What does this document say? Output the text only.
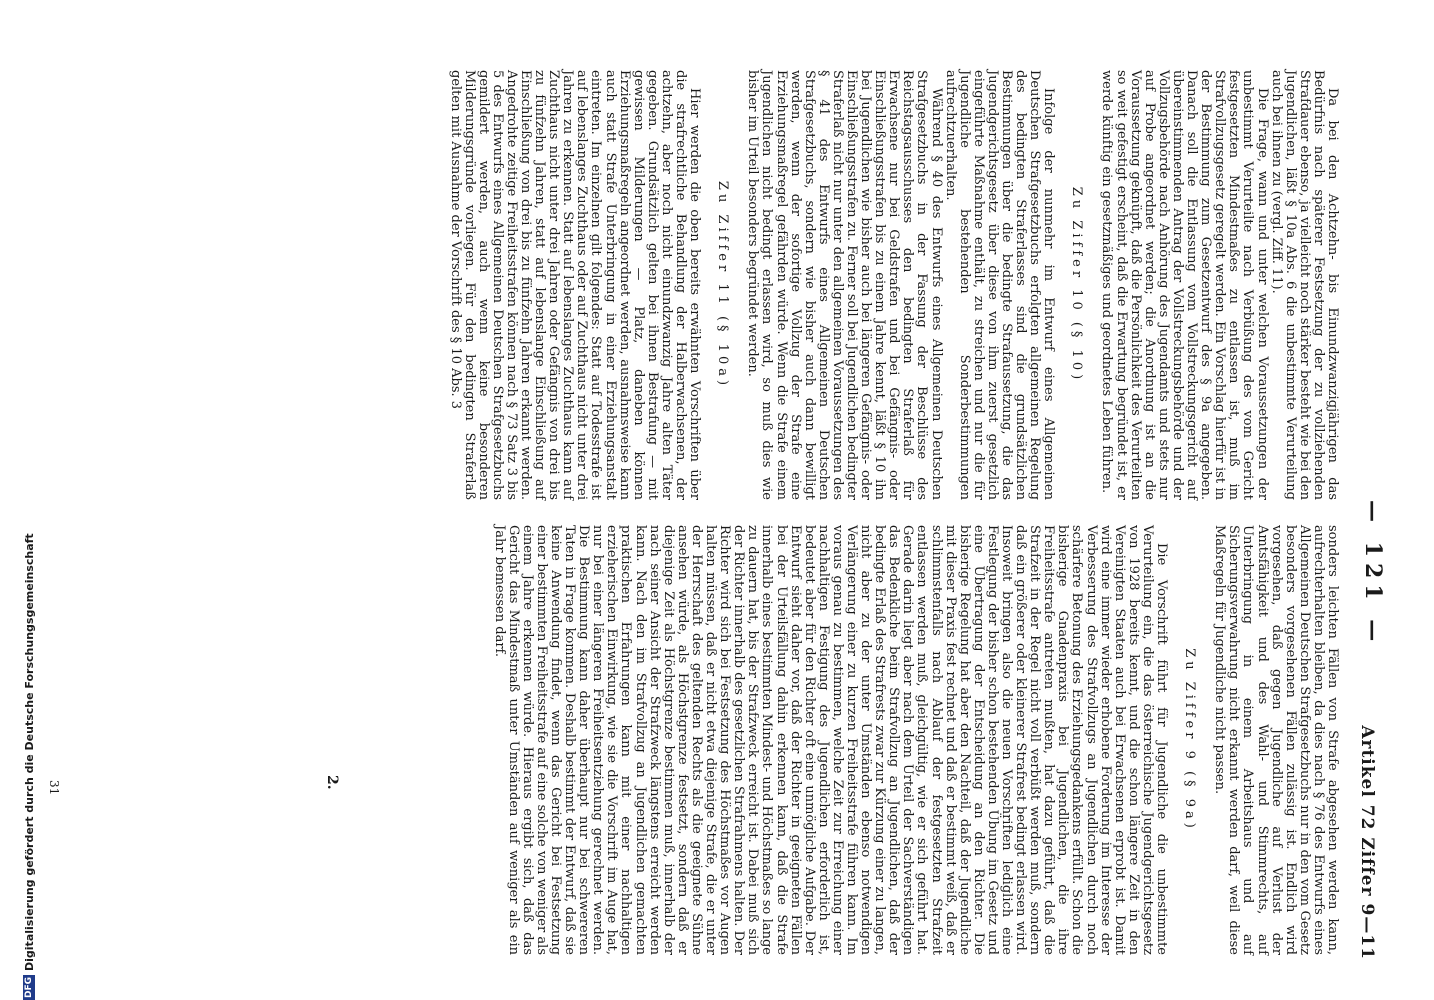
— 121 —
Artikel 72 Ziffer 9—11

Da bei den Achtzehn- bis Einundzwanzigjährigen das Bedürfnis nach späterer Festsetzung der zu vollziehenden Strafdauer ebenso, ja vielleicht noch stärker besteht wie bei den Jugendlichen, läßt § 10a Abs. 6 die unbestimmte Verurteilung auch bei ihnen zu (vergl. Ziff. 11).

Die Frage, wann und unter welchen Voraussetzungen der unbestimmt Verurteilte nach Verbüßung des vom Gericht festgesetzten Mindestmaßes zu entlassen ist, muß im Strafvollzugsgesetz geregelt werden. Ein Vorschlag hierfür ist in der Bestimmung zum Gesetzentwurf des § 9a angegeben. Danach soll die Entlassung vom Vollstreckungsgericht auf übereinstimmenden Antrag der Vollstreckungsbehörde und der Vollzugsbehörde nach Anhörung des Jugendamts und stets nur auf Probe angeordnet werden; die Anordnung ist an die Voraussetzung geknüpft, daß die Persönlichkeit des Verurteilten so weit gefestigt erscheint, daß die Erwartung begründet ist, er werde künftig ein gesetzmäßiges und geordnetes Leben führen.

Zu Ziffer 10 (§ 10)

Infolge der nunmehr im Entwurf eines Allgemeinen Deutschen Strafgesetzbuchs erfolgten allgemeinen Regelung des bedingten Straferlasses sind die grundsätzlichen Bestimmungen über die bedingte Strafaussetzung, die das Jugendgerichtsgesetz über diese von ihm zuerst gesetzlich eingeführte Maßnahme enthält, zu streichen und nur die für Jugendliche bestehenden Sonderbestimmungen aufrechtzuerhalten.

Während § 40 des Entwurfs eines Allgemeinen Deutschen Strafgesetzbuchs in der Fassung der Beschlüsse des Reichstagsausschusses den bedingten Straferlaß für Erwachsene nur bei Geldstrafen und bei Gefängnis- oder Einschließungsstrafen bis zu einem Jahre kennt, läßt § 10 ihn bei Jugendlichen wie bisher auch bei längeren Gefängnis- oder Einschließungsstrafen zu. Ferner soll bei Jugendlichen bedingter Straferlaß nicht nur unter den allgemeinen Voraussetzungen des § 41 des Entwurfs eines Allgemeinen Deutschen Strafgesetzbuchs, sondern wie bisher auch dann bewilligt werden, wenn der sofortige Vollzug der Strafe eine Erziehungsmaßregel gefährden würde. Wenn die Strafe einem Jugendlichen nicht bedingt erlassen wird, so muß dies wie bisher im Urteil besonders begründet werden.

Zu Ziffer 11 (§ 10a)

Hier werden die oben bereits erwähnten Vorschriften über die strafrechtliche Behandlung der Halberwachsenen, der achtzehn, aber noch nicht einundzwanzig Jahre alten Täter gegeben. Grundsätzlich gelten bei ihnen Bestrafung — mit gewissen Milderungen — Platz, daneben können Erziehungsmaßregeln angeordnet werden, ausnahmsweise kann auch statt Strafe Unterbringung in einer Erziehungsanstalt eintreten. Im einzelnen gilt folgendes: Statt auf Todesstrafe ist auf lebenslanges Zuchthaus oder auf Zuchthaus nicht unter drei Jahren zu erkennen. Statt auf lebenslanges Zuchthaus kann auf Zuchthaus nicht unter drei Jahren oder Gefängnis von drei bis zu fünfzehn Jahren, statt auf lebenslange Einschließung auf Einschließung von drei bis zu fünfzehn Jahren erkannt werden. Angedrohte zeitige Freiheitsstrafen können nach § 73 Satz 3 bis 5 des Entwurfs eines Allgemeinen Deutschen Strafgesetzbuchs gemildert werden, auch wenn keine besonderen Milderungsgründe vorliegen. Für den bedingten Straferlaß gelten mit Ausnahme der Vorschrift des § 10 Abs. 3

sonders leichten Fällen von Strafe abgesehen werden kann, aufrechterhalten bleiben, da dies nach § 76 des Entwurfs eines Allgemeinen Deutschen Strafgesetzbuchs nur in den vom Gesetz besonders vorgesehenen Fällen zulässig ist. Endlich wird vorgesehen, daß gegen Jugendliche auf Verlust der Amtsfähigkeit und des Wahl- und Stimmrechts, auf Unterbringung in einem Arbeitshaus und auf Sicherungsverwahrung nicht erkannt werden darf, weil diese Maßregeln für Jugendliche nicht passen.

Zu Ziffer 9 (§ 9a)

Die Vorschrift führt für Jugendliche die unbestimmte Verurteilung ein, die das österreichische Jugendgerichtsgesetz von 1928 bereits kennt, und die schon längere Zeit in den Vereinigten Staaten auch bei Erwachsenen erprobt ist. Damit wird eine immer wieder erhobene Forderung im Interesse der Verbesserung des Strafvollzugs an Jugendlichen durch noch schärfere Betonung des Erziehungsgedankens erfüllt. Schon die bisherige Gnadenpraxis bei Jugendlichen, die ihre Freiheitsstrafe antreten mußten, hat dazu geführt, daß die Strafzeit in der Regel nicht voll verbüßt werden muß, sondern daß ein größerer oder kleinerer Strafrest bedingt erlassen wird. Insoweit bringen also die neuen Vorschriften lediglich eine Festlegung der bisher schon bestehenden Übung im Gesetz und eine Übertragung der Entscheidung an den Richter. Die bisherige Regelung hat aber den Nachteil, daß der Jugendliche mit dieser Praxis fest rechnet und daß er bestimmt weiß, daß er schlimmstenfalls nach Ablauf der festgesetzten Strafzeit entlassen werden muß, gleichgültig, wie er sich geführt hat. Gerade darin liegt aber nach dem Urteil der Sachverständigen das Bedenkliche beim Strafvollzug an Jugendlichen, daß der bedingte Erlaß des Strafrests zwar zur Kürzung einer zu langen, nicht aber zu der unter Umständen ebenso notwendigen Verlängerung einer zu kurzen Freiheitsstrafe führen kann. Im voraus genau zu bestimmen, welche Zeit zur Erreichung einer nachhaltigen Festigung des Jugendlichen erforderlich ist, bedeutet aber für den Richter oft eine unmögliche Aufgabe. Der Entwurf sieht daher vor, daß der Richter in geeigneten Fällen bei der Urteilsfällung dahin erkennen kann, daß die Strafe innerhalb eines bestimmten Mindest- und Höchstmaßes so lange zu dauern hat, bis der Strafzweck erreicht ist. Dabei muß sich der Richter innerhalb des gesetzlichen Strafrahmens halten. Der Richter wird sich bei Festsetzung des Höchstmaßes vor Augen halten müssen, daß er nicht etwa diejenige Strafe, die er unter der Herrschaft des geltenden Rechts als die geeignete Sühne ansehen würde, als Höchstgrenze festsetzt, sondern daß er diejenige Zeit als Höchstgrenze bestimmen muß, innerhalb der nach seiner Ansicht der Strafzweck längstens erreicht werden kann. Nach den im Strafvollzug an Jugendlichen gemachten praktischen Erfahrungen kann mit einer nachhaltigen erzieherischen Einwirkung, wie sie die Vorschrift im Auge hat, nur bei einer längeren Freiheitsentziehung gerechnet werden. Die Bestimmung kann daher überhaupt nur bei schwereren Taten in Frage kommen. Deshalb bestimmt der Entwurf, daß sie keine Anwendung findet, wenn das Gericht bei Festsetzung einer bestimmten Freiheitsstrafe auf eine solche von weniger als einem Jahre erkennen würde. Hieraus ergibt sich, daß das Gericht das Mindestmaß unter Umständen auf weniger als ein Jahr bemessen darf.

2.
31
DFG
Digitalisierung gefördert durch die Deutsche Forschungsgemeinschaft
